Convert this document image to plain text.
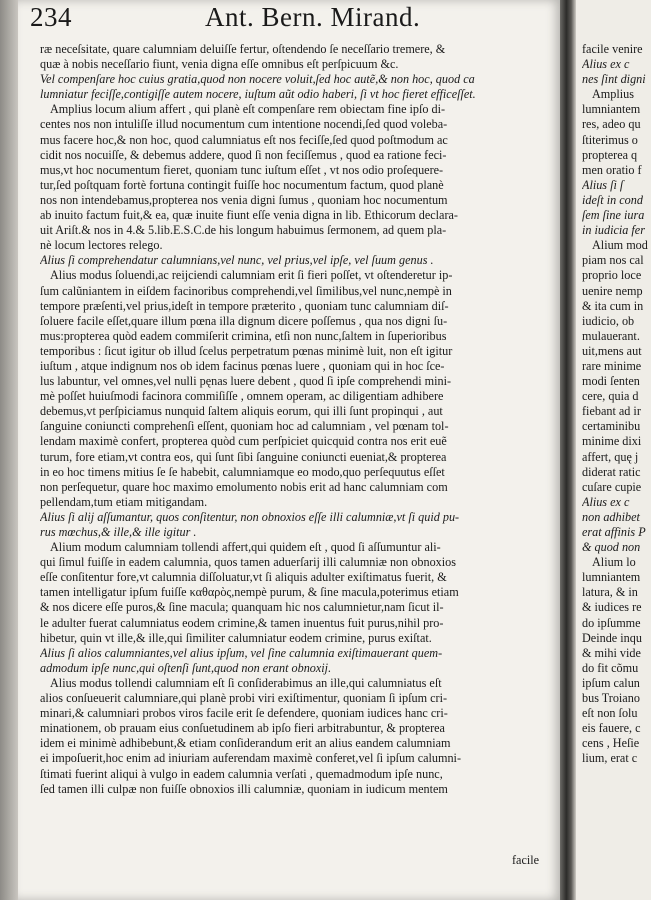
234	Ant. Bern. Mirand.
ræ neceſsitate, quare calumniam deluiſſe fertur, oſtendendo ſe neceſſario tremere, &
quæ à nobis neceſſario fiunt, venia digna eſſe omnibus eſt perſpicuum &c.
Vel compenſare hoc cuius gratia,quod non nocere voluit,ſed hoc autẽ,& non hoc, quod ca
lumniatur feciſſe,contigiſſe autem nocere, iuſtum aũt odio haberi, ſi vt hoc fieret efficeſſet.
Amplius locum alium affert , qui planè eſt compenſare rem obiectam fine ipſo di-
centes nos non intuliſſe illud nocumentum cum intentione nocendi,ſed quod voleba-
mus facere hoc,& non hoc, quod calumniatus eſt nos feciſſe,ſed quod poſtmodum ac
cidit nos nocuiſſe, & debemus addere, quod ſi non feciſſemus , quod ea ratione feci-
mus,vt hoc nocumentum fieret, quoniam tunc iuſtum eſſet , vt nos odio proſequere-
tur,ſed poſtquam fortè fortuna contingit fuiſſe hoc nocumentum factum, quod planè
nos non intendebamus,propterea nos venia digni ſumus , quoniam hoc nocumentum
ab inuito factum fuit,& ea, quæ inuite fiunt eſſe venia digna in lib. Ethicorum declara-
uit Ariſt.& nos in 4.& 5.lib.E.S.C.de his longum habuimus ſermonem, ad quem pla-
nè locum lectores relego.
Alius ſi comprehendatur calumnians,vel nunc, vel prius,vel ipſe, vel ſuum genus .
Alius modus ſoluendi,ac reijciendi calumniam erit ſi fieri poſſet, vt oſtenderetur ip-
ſum calũniantem in eiſdem facinoribus comprehendi,vel ſimilibus,vel nunc,nempè in
tempore præſenti,vel prius,ideſt in tempore præterito , quoniam tunc calumniam diſ-
ſoluere facile eſſet,quare illum pœna illa dignum dicere poſſemus , qua nos digni ſu-
mus:propterea quòd eadem commiſerit crimina, etſi non nunc,ſaltem in ſuperioribus
temporibus : ſicut igitur ob illud ſcelus perpetratum pœnas minimè luit, non eſt igitur
iuſtum , atque indignum nos ob idem facinus pœnas luere , quoniam qui in hoc ſce-
lus labuntur, vel omnes,vel nulli pęnas luere debent , quod ſi ipſe comprehendi mini-
mè poſſet huiuſmodi facinora commiſiſſe , omnem operam, ac diligentiam adhibere
debemus,vt perſpiciamus nunquid ſaltem aliquis eorum, qui illi ſunt propinqui , aut
ſanguine coniuncti comprehenſi eſſent, quoniam hoc ad calumniam , vel pœnam tol-
lendam maximè confert, propterea quòd cum perſpiciet quicquid contra nos erit euẽ
turum, fore etiam,vt contra eos, qui ſunt ſibi ſanguine coniuncti eueniat,& propterea
in eo hoc timens mitius ſe ſe habebit, calumniamque eo modo,quo perſequutus eſſet
non perſequetur, quare hoc maximo emolumento nobis erit ad hanc calumniam com
pellendam,tum etiam mitigandam.
Alius ſi alij aſſumantur, quos conſitentur, non obnoxios eſſe illi calumniæ,vt ſi quid pu-
rus mœchus,& ille,& ille igitur .
Alium modum calumniam tollendi affert,qui quidem eſt , quod ſi aſſumuntur ali-
qui ſimul fuiſſe in eadem calumnia, quos tamen aduerſarij illi calumniæ non obnoxios
eſſe conſitentur fore,vt calumnia diſſoluatur,vt ſi aliquis adulter exiſtimatus fuerit, &
tamen intelligatur ipſum fuiſſe καθαρὸς,nempè purum, & ſine macula,poterimus etiam
& nos dicere eſſe puros,& ſine macula; quanquam hic nos calumnietur,nam ſicut il-
le adulter fuerat calumniatus eodem crimine,& tamen inuentus fuit purus,nihil pro-
hibetur, quin vt ille,& ille,qui ſimiliter calumniatur eodem crimine, purus exiſtat.
Alius ſi alios calumniantes,vel alius ipſum, vel ſine calumnia exiſtimauerant quem-
admodum ipſe nunc,qui oſtenſi ſunt,quod non erant obnoxij.
Alius modus tollendi calumniam eſt ſi conſiderabimus an ille,qui calumniatus eſt
alios conſueuerit calumniare,qui planè probi viri exiſtimentur, quoniam ſi ipſum cri-
minari,& calumniari probos viros facile erit ſe defendere, quoniam iudices hanc cri-
minationem, ob prauam eius conſuetudinem ab ipſo fieri arbitrabuntur, & propterea
idem ei minimè adhibebunt,& etiam conſiderandum erit an alius eandem calumniam
ei impoſuerit,hoc enim ad iniuriam auferendam maximè conferet,vel ſi ipſum calumni-
ſtimati fuerint aliqui à vulgo in eadem calumnia verſati , quemadmodum ipſe nunc,
ſed tamen illi culpæ non fuiſſe obnoxios illi calumniæ, quoniam in iudicum mentem
facile
facile venire
Alius ex c
nes ſint digni
Amplius
lumniantem
res, adeo qu
ſtiterimus o
propterea q
men oratio f
Alius ſi ſ
ideſt in cond
ſem ſine iura
in iudicia fer
Alium mod
piam nos cal
proprio loce
uenire nemp
& ita cum in
iudicio, ob
mulauerant.
uit,mens aut
rare minime
modi ſenten
cere, quia d
fiebant ad ir
certaminibu
minime dixi
affert, quę j
diderat ratic
cuſare cupie
Alius ex c
non adhibet
erat affinis P
& quod non
Alium lo
lumniantem
latura, & in
& iudices re
do ipſumme
Deinde inqu
& mihi vide
do fit cõmu
ipſum calun
bus Troiano
eſt non ſolu
eis fauere, c
cens , Heſie
lium, erat c
